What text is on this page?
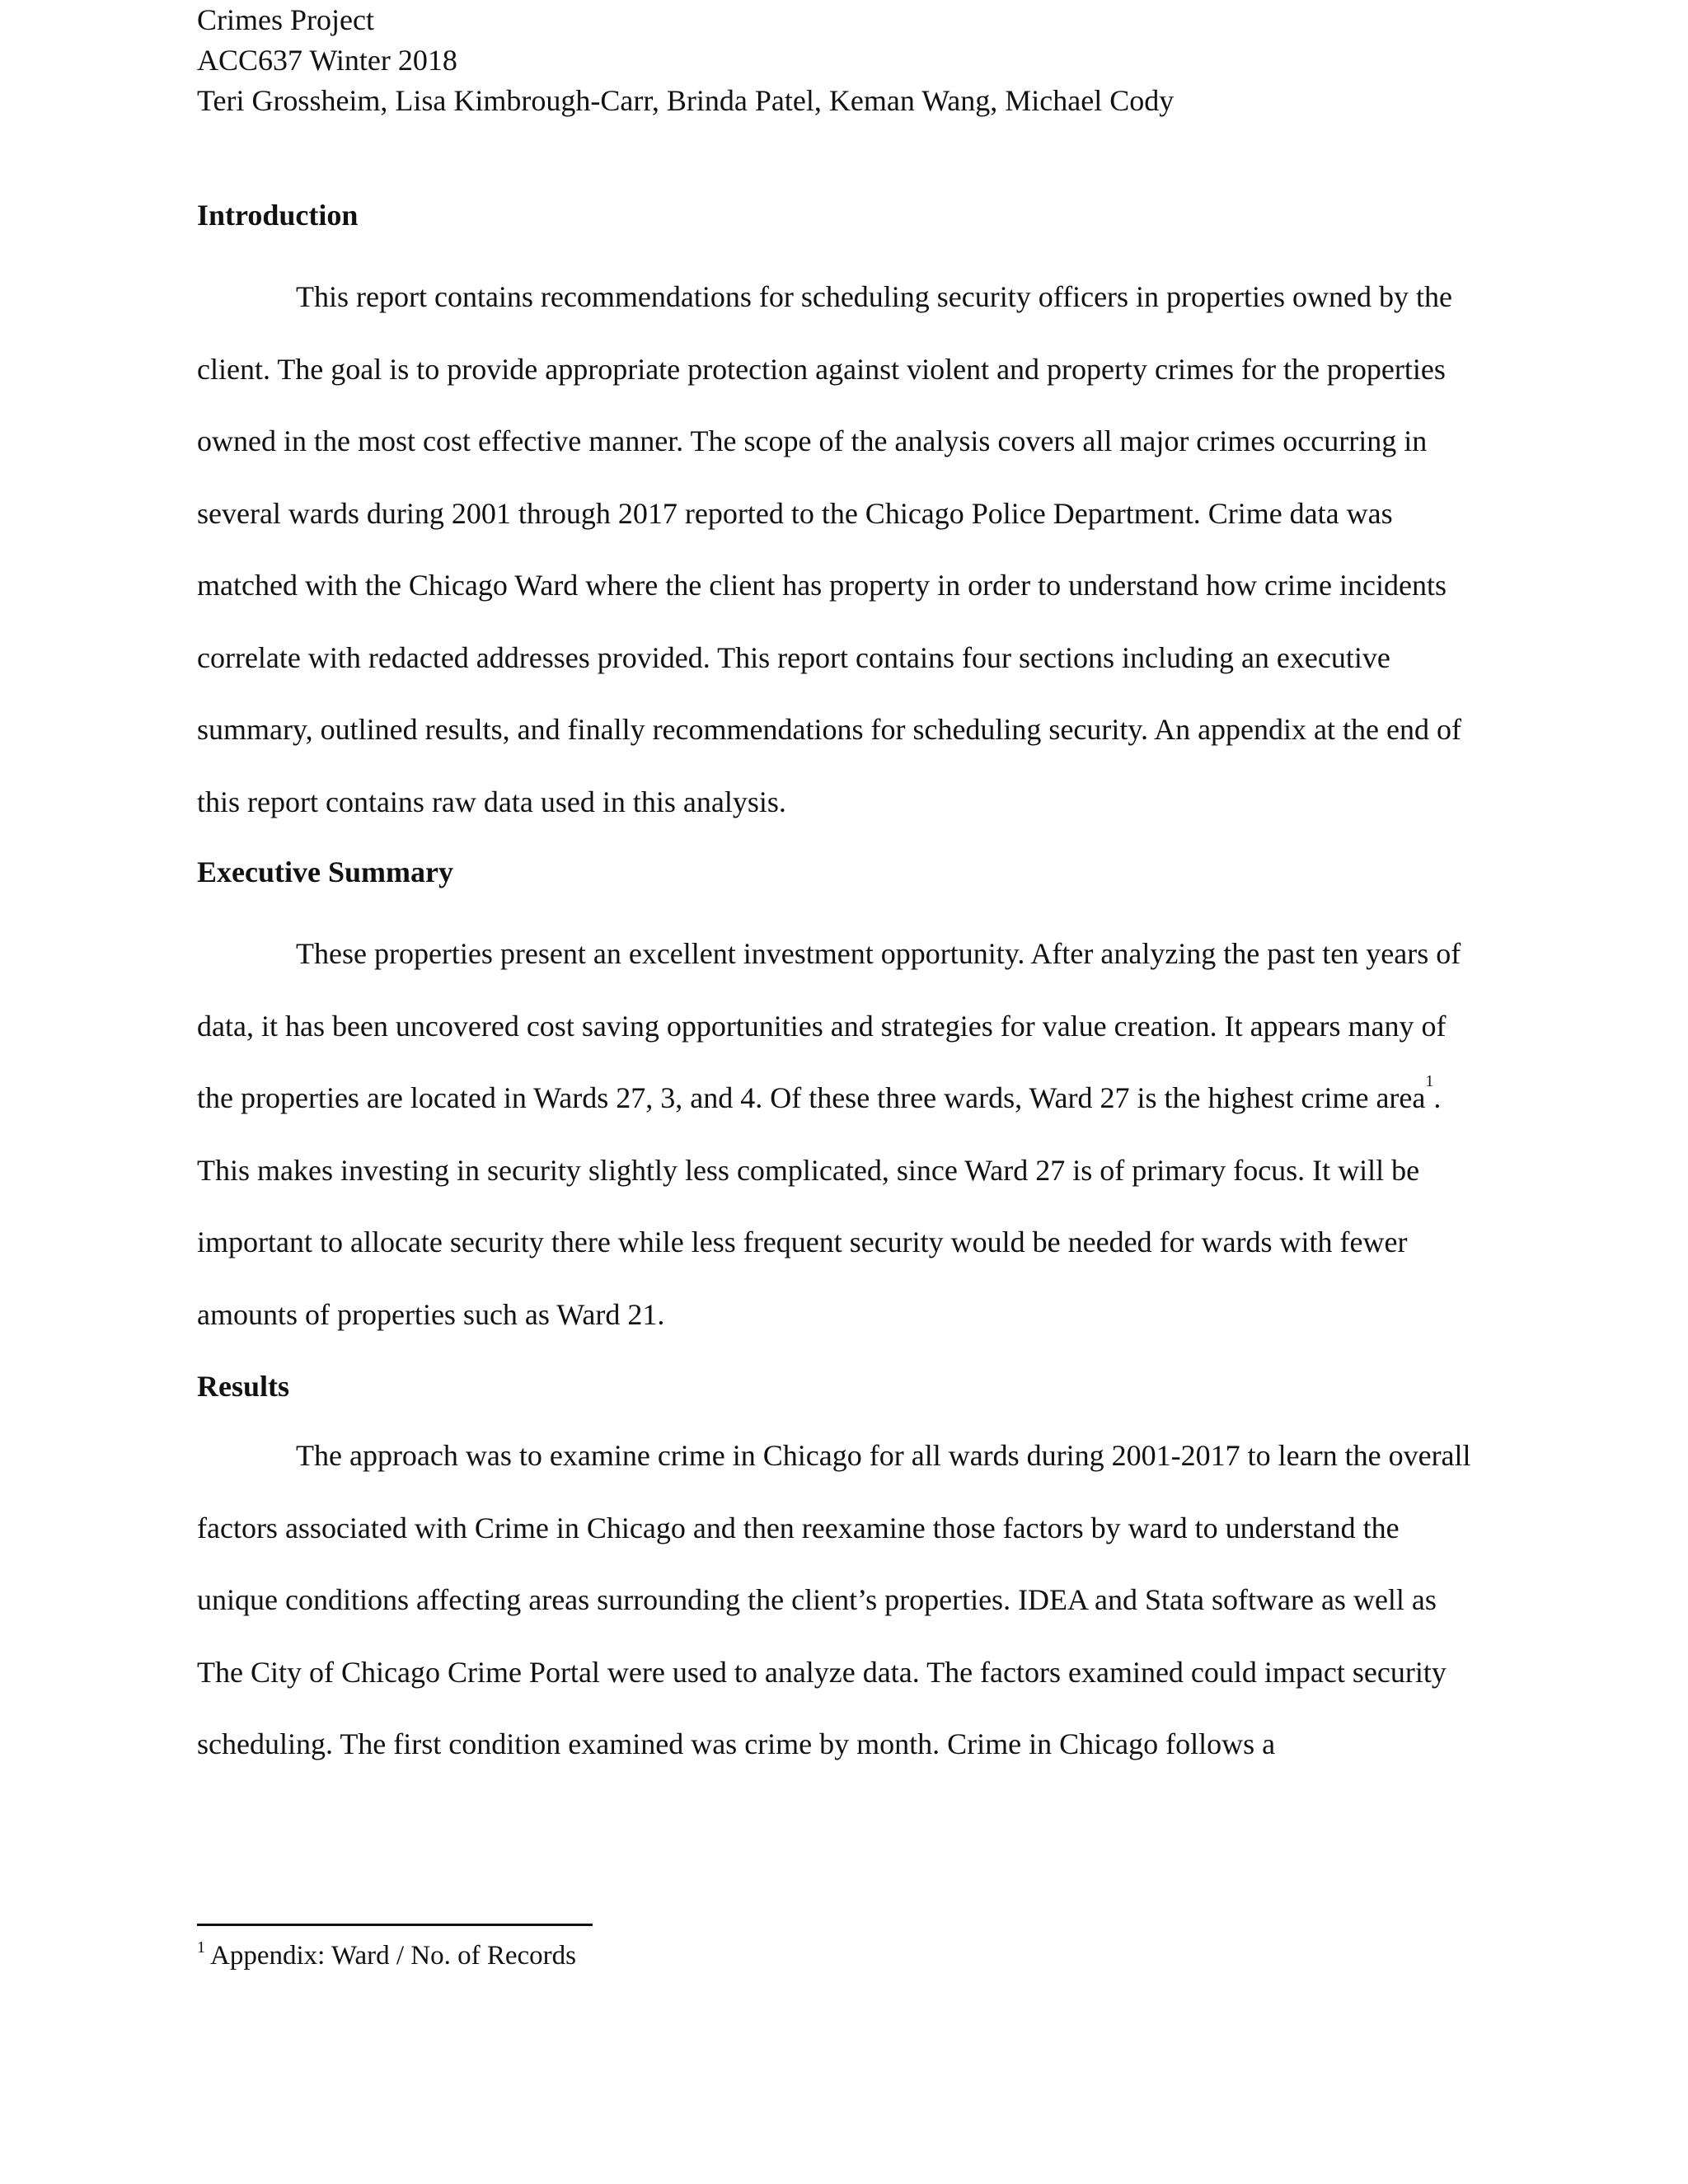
Crimes Project
ACC637 Winter 2018
Teri Grossheim, Lisa Kimbrough-Carr, Brinda Patel, Keman Wang, Michael Cody
Introduction

This report contains recommendations for scheduling security officers in properties owned by the client. The goal is to provide appropriate protection against violent and property crimes for the properties owned in the most cost effective manner. The scope of the analysis covers all major crimes occurring in several wards during 2001 through 2017 reported to the Chicago Police Department. Crime data was matched with the Chicago Ward where the client has property in order to understand how crime incidents correlate with redacted addresses provided. This report contains four sections including an executive summary, outlined results, and finally recommendations for scheduling security. An appendix at the end of this report contains raw data used in this analysis.

Executive Summary

These properties present an excellent investment opportunity. After analyzing the past ten years of data, it has been uncovered cost saving opportunities and strategies for value creation. It appears many of the properties are located in Wards 27, 3, and 4. Of these three wards, Ward 27 is the highest crime area$^1$. This makes investing in security slightly less complicated, since Ward 27 is of primary focus. It will be important to allocate security there while less frequent security would be needed for wards with fewer amounts of properties such as Ward 21.

Results

The approach was to examine crime in Chicago for all wards during 2001-2017 to learn the overall factors associated with Crime in Chicago and then reexamine those factors by ward to understand the unique conditions affecting areas surrounding the client’s properties. IDEA and Stata software as well as The City of Chicago Crime Portal were used to analyze data. The factors examined could impact security scheduling. The first condition examined was crime by month. Crime in Chicago follows a

$^1$ Appendix: Ward / No. of Records
